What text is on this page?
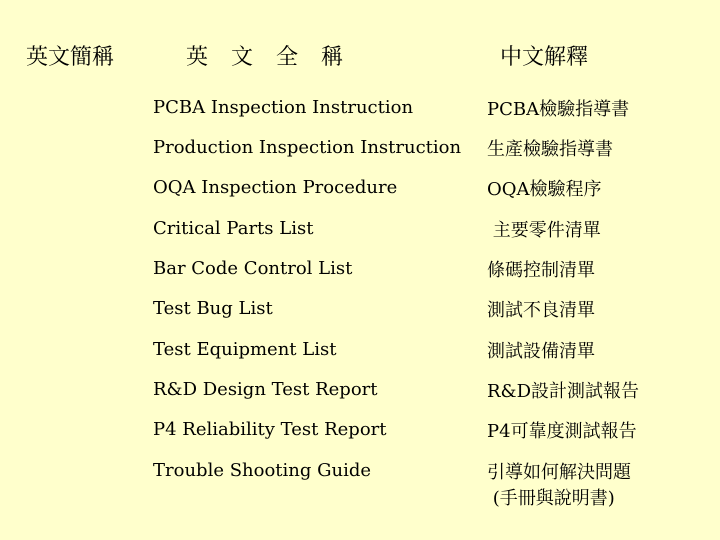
英文簡稱	英 文 全 稱	中文解釋
PCBA Inspection Instruction	PCBA檢驗指導書
Production Inspection Instruction 生產檢驗指導書
OQA Inspection Procedure	OQA檢驗程序
Critical Parts List	主要零件清單
Bar Code Control List	條碼控制清單
Test Bug List	測試不良清單
Test Equipment List	測試設備清單
R&D Design Test Report	R&D設計測試報告
P4 Reliability Test Report	P4可靠度測試報告
Trouble Shooting Guide	引導如何解決問題
(手冊與說明書)
